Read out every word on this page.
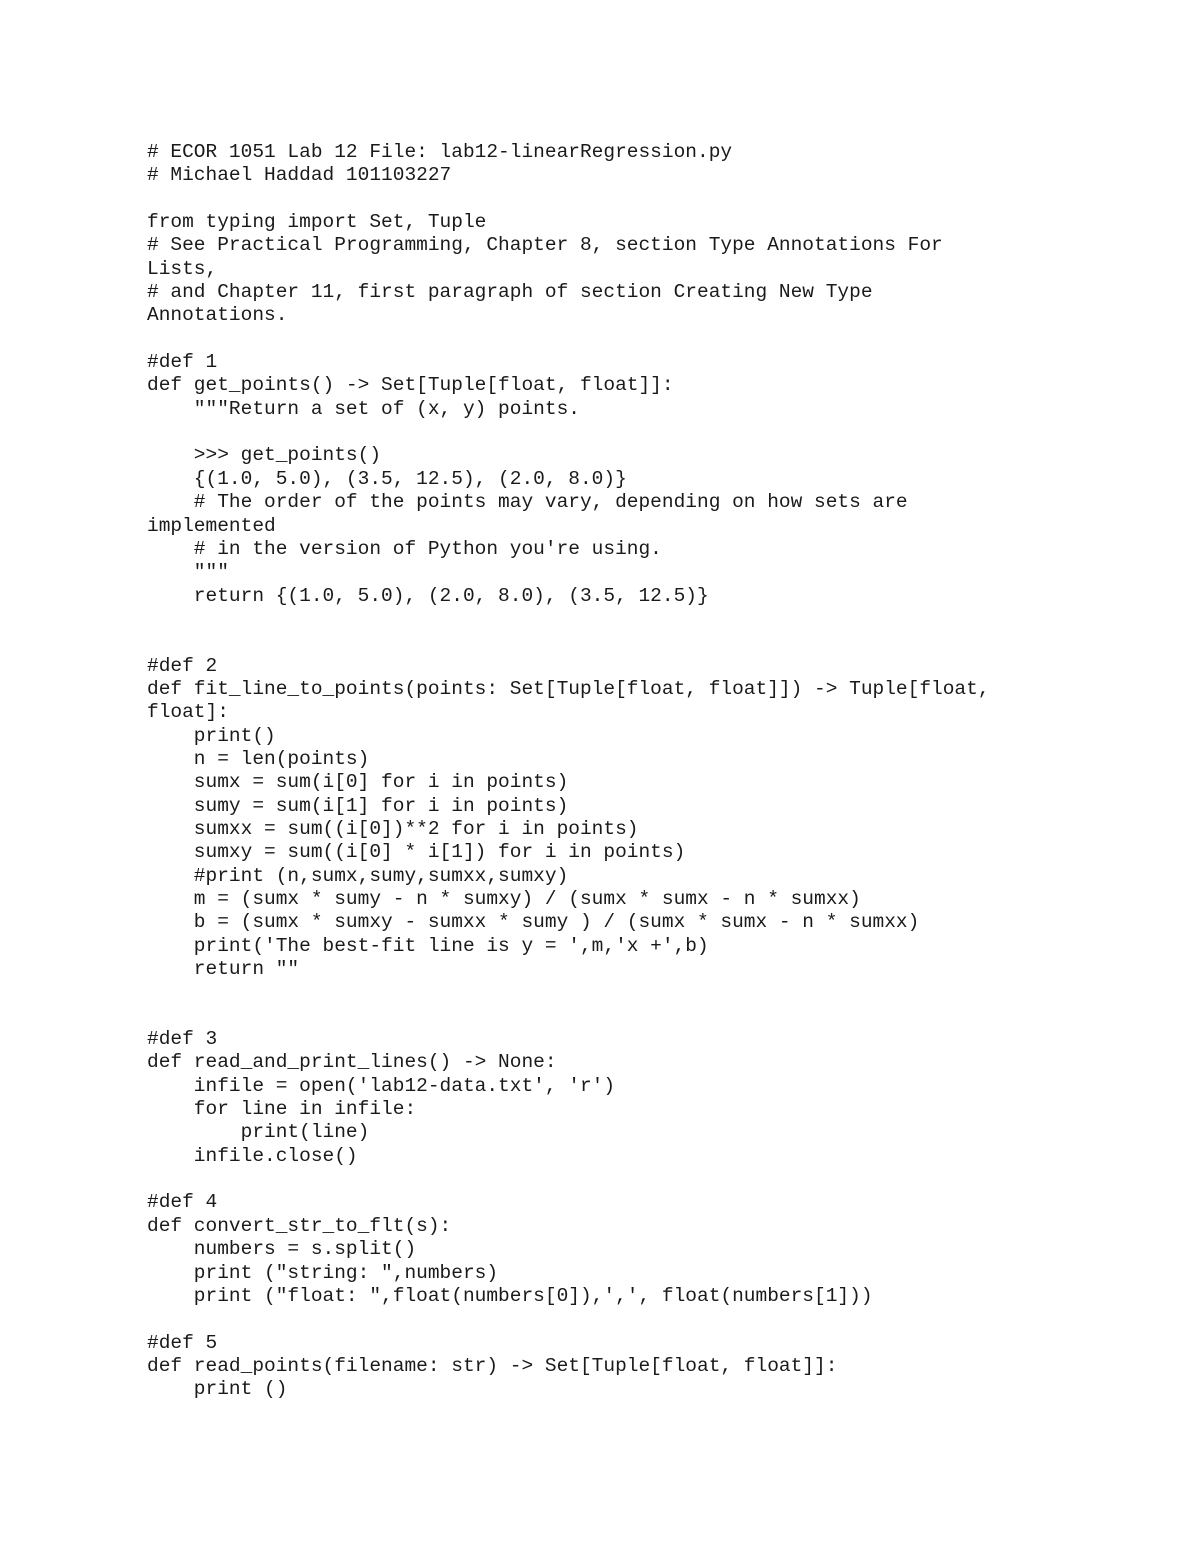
# ECOR 1051 Lab 12 File: lab12-linearRegression.py
# Michael Haddad 101103227
from typing import Set, Tuple
# See Practical Programming, Chapter 8, section Type Annotations For
Lists,
# and Chapter 11, first paragraph of section Creating New Type
Annotations.
#def 1
def get_points() -> Set[Tuple[float, float]]:
"""Return a set of (x, y) points.
>>> get_points()
{(1.0, 5.0), (3.5, 12.5), (2.0, 8.0)}
# The order of the points may vary, depending on how sets are
implemented
# in the version of Python you're using.
"""
return {(1.0, 5.0), (2.0, 8.0), (3.5, 12.5)}
#def 2
def fit_line_to_points(points: Set[Tuple[float, float]]) -> Tuple[float,
float]:
print()
n = len(points)
sumx = sum(i[0] for i in points)
sumy = sum(i[1] for i in points)
sumxx = sum((i[0])**2 for i in points)
sumxy = sum((i[0] * i[1]) for i in points)
#print (n,sumx,sumy,sumxx,sumxy)
m = (sumx * sumy - n * sumxy) / (sumx * sumx - n * sumxx)
b = (sumx * sumxy - sumxx * sumy ) / (sumx * sumx - n * sumxx)
print('The best-fit line is y = ',m,'x +',b)
return ""
#def 3
def read_and_print_lines() -> None:
infile = open('lab12-data.txt', 'r')
for line in infile:
print(line)
infile.close()
#def 4
def convert_str_to_flt(s):
numbers = s.split()
print ("string: ",numbers)
print ("float: ",float(numbers[0]),',', float(numbers[1]))
#def 5
def read_points(filename: str) -> Set[Tuple[float, float]]:
print ()
